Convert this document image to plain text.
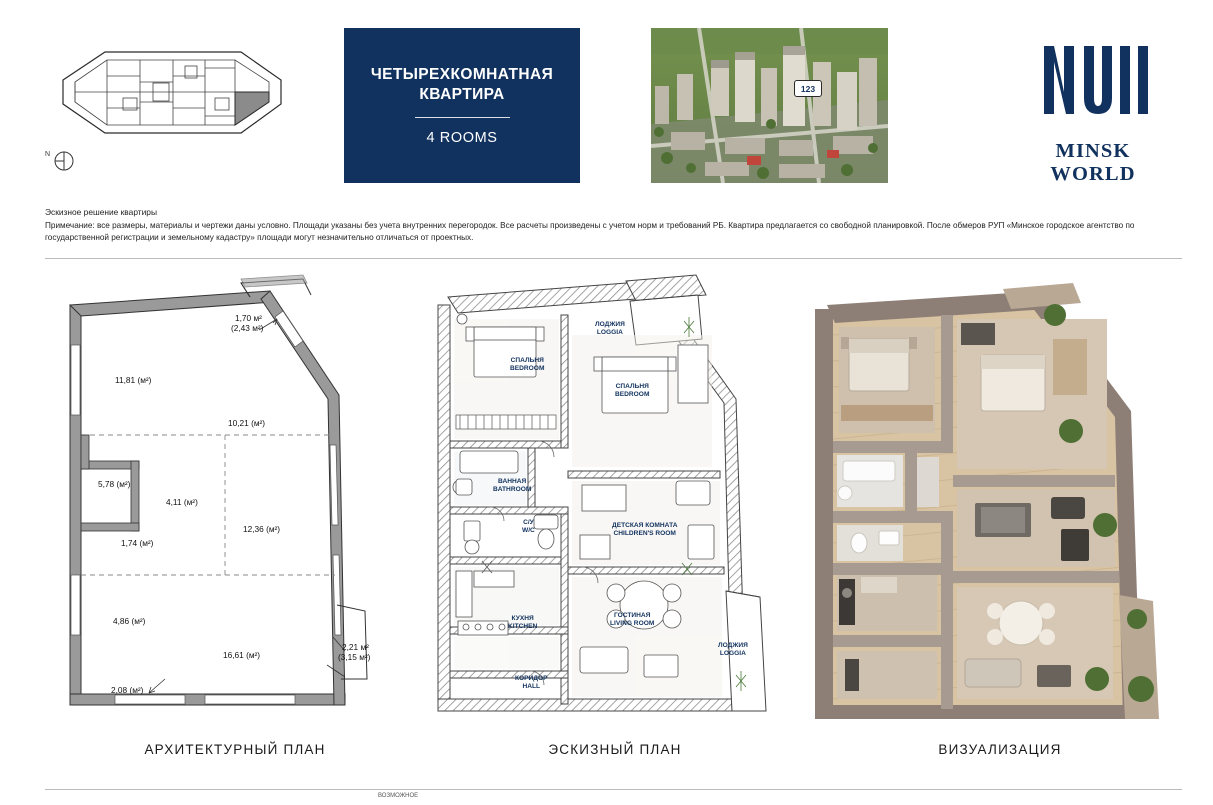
N
ЧЕТЫРЕХКОМНАТНАЯ КВАРТИРА
4 ROOMS
123
MINSK WORLD
Эскизное решение квартиры
Примечание: все размеры, материалы и чертежи даны условно. Площади указаны без учета внутренних перегородок. Все расчеты произведены с учетом норм и требований РБ. Квартира предлагается со свободной планировкой. После обмеров РУП «Минское городское агентство по государственной регистрации и земельному кадастру» площади могут незначительно отличаться от проектных.
11,81 (м²)
1,70 м²
(2,43 м²)
10,21 (м²)
5,78 (м²)
4,11 (м²)
1,74 (м²)
12,36 (м²)
4,86 (м²)
16,61 (м²)
2,08 (м²)
2,21 м²
(3,15 м²)
ЛОДЖИЯ
LOGGIA
СПАЛЬНЯ
BEDROOM
СПАЛЬНЯ
BEDROOM
ВАННАЯ
BATHROOM
С/У
W/C
ДЕТСКАЯ КОМНАТА
CHILDREN'S ROOM
КУХНЯ
KITCHEN
ГОСТИНАЯ
LIVING ROOM
ЛОДЖИЯ
LOGGIA
КОРИДОР
HALL
АРХИТЕКТУРНЫЙ ПЛАН	ЭСКИЗНЫЙ ПЛАН	ВИЗУАЛИЗАЦИЯ
ВОЗМОЖНОЕ
